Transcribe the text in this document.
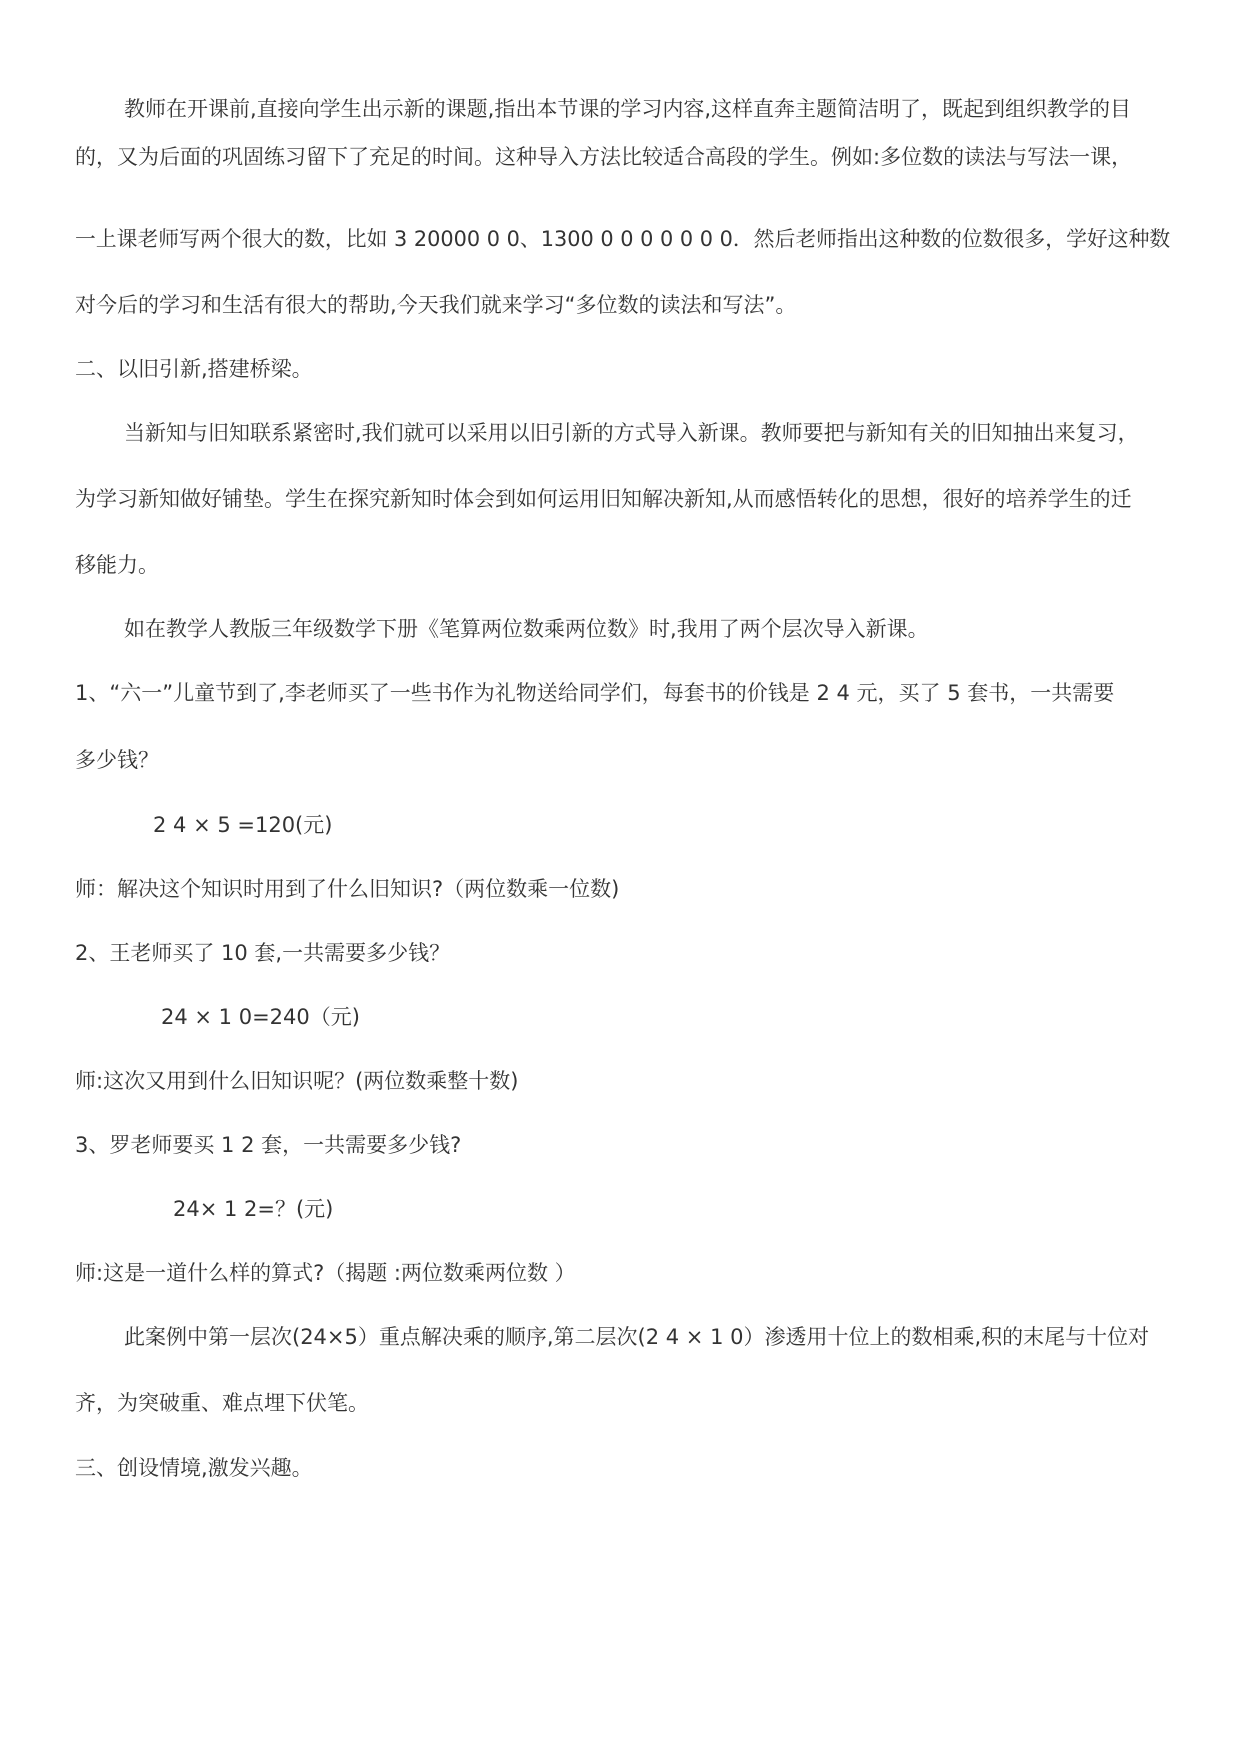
教师在开课前,直接向学生出示新的课题,指出本节课的学习内容,这样直奔主题简洁明了，既起到组织教学的目
的，又为后面的巩固练习留下了充足的时间。这种导入方法比较适合高段的学生。例如:多位数的读法与写法一课，
一上课老师写两个很大的数，比如 3 20000 0 0、1300 0 0 0 0 0 0 0．然后老师指出这种数的位数很多，学好这种数
对今后的学习和生活有很大的帮助,今天我们就来学习“多位数的读法和写法”。
二、以旧引新,搭建桥梁。
当新知与旧知联系紧密时,我们就可以采用以旧引新的方式导入新课。教师要把与新知有关的旧知抽出来复习，
为学习新知做好铺垫。学生在探究新知时体会到如何运用旧知解决新知,从而感悟转化的思想，很好的培养学生的迁
移能力。
如在教学人教版三年级数学下册《笔算两位数乘两位数》时,我用了两个层次导入新课。
1、“六一”儿童节到了,李老师买了一些书作为礼物送给同学们，每套书的价钱是 2 4 元，买了 5 套书，一共需要
多少钱？
2 4 × 5 =120(元)
师：解决这个知识时用到了什么旧知识?（两位数乘一位数)
2、王老师买了 10 套,一共需要多少钱？
24 × 1 0=240（元)
师:这次又用到什么旧知识呢？(两位数乘整十数)
3、罗老师要买 1 2 套，一共需要多少钱?
24× 1 2=？(元)
师:这是一道什么样的算式?（揭题 :两位数乘两位数 ）
此案例中第一层次(24×5）重点解决乘的顺序,第二层次(2 4 × 1 0）渗透用十位上的数相乘,积的末尾与十位对
齐，为突破重、难点埋下伏笔。
三、创设情境,激发兴趣。
